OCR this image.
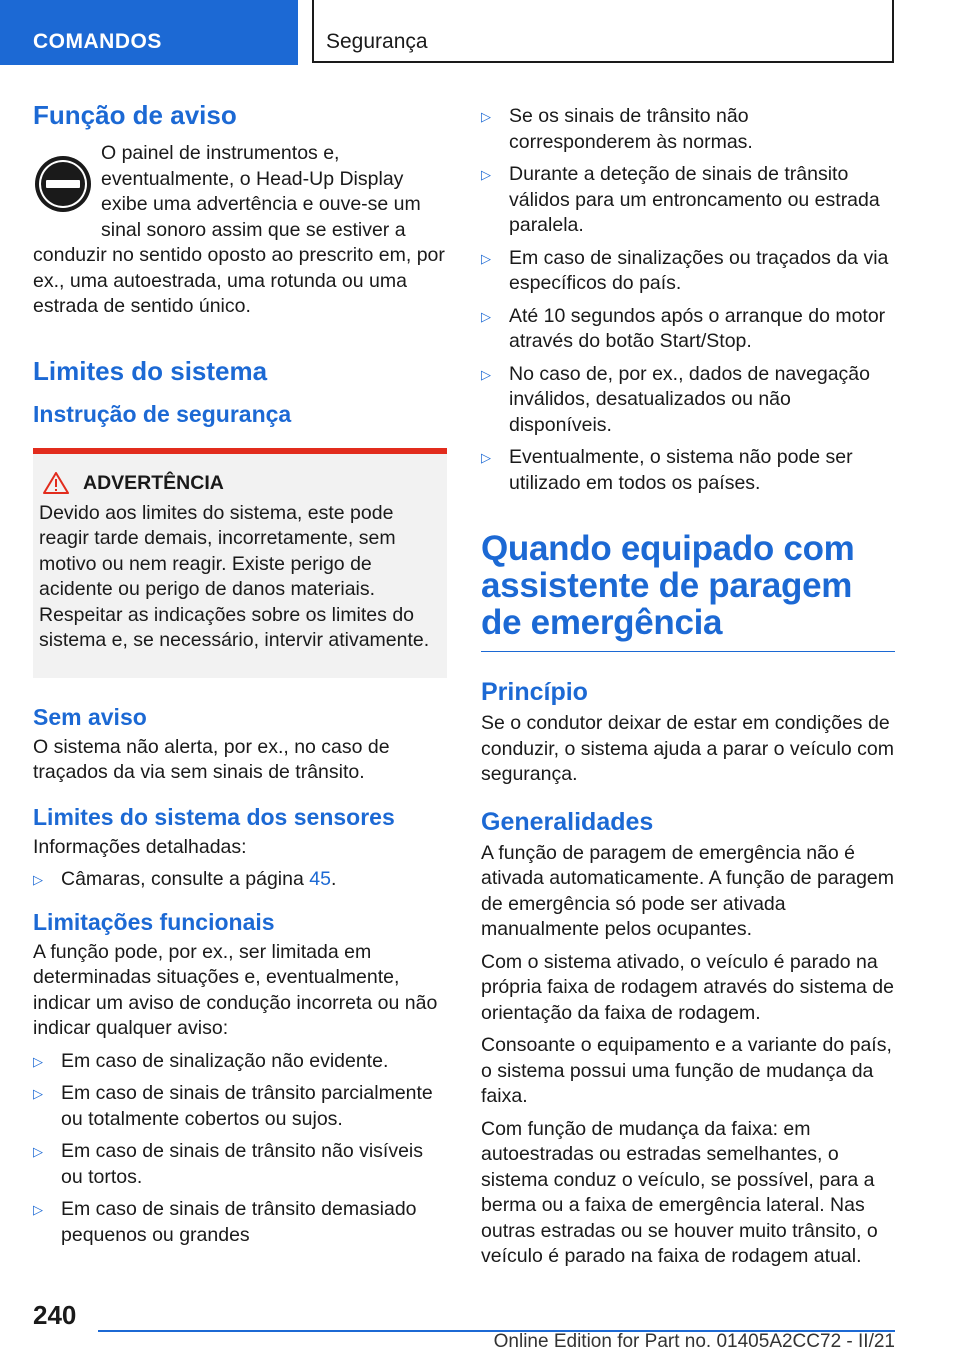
COMANDOS	Segurança
Função de aviso

O painel de instrumentos e, eventualmente, o Head-Up Display exibe uma advertência e ouve-se um sinal sonoro assim que se estiver a conduzir no sentido oposto ao prescrito em, por ex., uma autoestrada, uma rotunda ou uma estrada de sentido único.

Limites do sistema
Instrução de segurança
ADVERTÊNCIA

Devido aos limites do sistema, este pode reagir tarde demais, incorretamente, sem motivo ou nem reagir. Existe perigo de acidente ou perigo de danos materiais. Respeitar as indicações sobre os limites do sistema e, se necessário, intervir ativamente.

Sem aviso

O sistema não alerta, por ex., no caso de traçados da via sem sinais de trânsito.

Limites do sistema dos sensores

Informações detalhadas:

▷ Câmaras, consulte a página 45.
Limitações funcionais

A função pode, por ex., ser limitada em determinadas situações e, eventualmente, indicar um aviso de condução incorreta ou não indicar qualquer aviso:

▷ Em caso de sinalização não evidente.
▷ Em caso de sinais de trânsito parcialmente ou totalmente cobertos ou sujos.
▷ Em caso de sinais de trânsito não visíveis ou tortos.
▷ Em caso de sinais de trânsito demasiado pequenos ou grandes
▷ Se os sinais de trânsito não corresponderem às normas.
▷ Durante a deteção de sinais de trânsito válidos para um entroncamento ou estrada paralela.
▷ Em caso de sinalizações ou traçados da via específicos do país.
▷ Até 10 segundos após o arranque do motor através do botão Start/Stop.
▷ No caso de, por ex., dados de navegação inválidos, desatualizados ou não disponíveis.
▷ Eventualmente, o sistema não pode ser utilizado em todos os países.
Quando equipado com assistente de paragem de emergência
Princípio

Se o condutor deixar de estar em condições de conduzir, o sistema ajuda a parar o veículo com segurança.

Generalidades

A função de paragem de emergência não é ativada automaticamente. A função de paragem de emergência só pode ser ativada manualmente pelos ocupantes.

Com o sistema ativado, o veículo é parado na própria faixa de rodagem através do sistema de orientação da faixa de rodagem.

Consoante o equipamento e a variante do país, o sistema possui uma função de mudança da faixa.

Com função de mudança da faixa: em autoestradas ou estradas semelhantes, o sistema conduz o veículo, se possível, para a berma ou a faixa de emergência lateral. Nas outras estradas ou se houver muito trânsito, o veículo é parado na faixa de rodagem atual.

240
Online Edition for Part no. 01405A2CC72 - II/21
